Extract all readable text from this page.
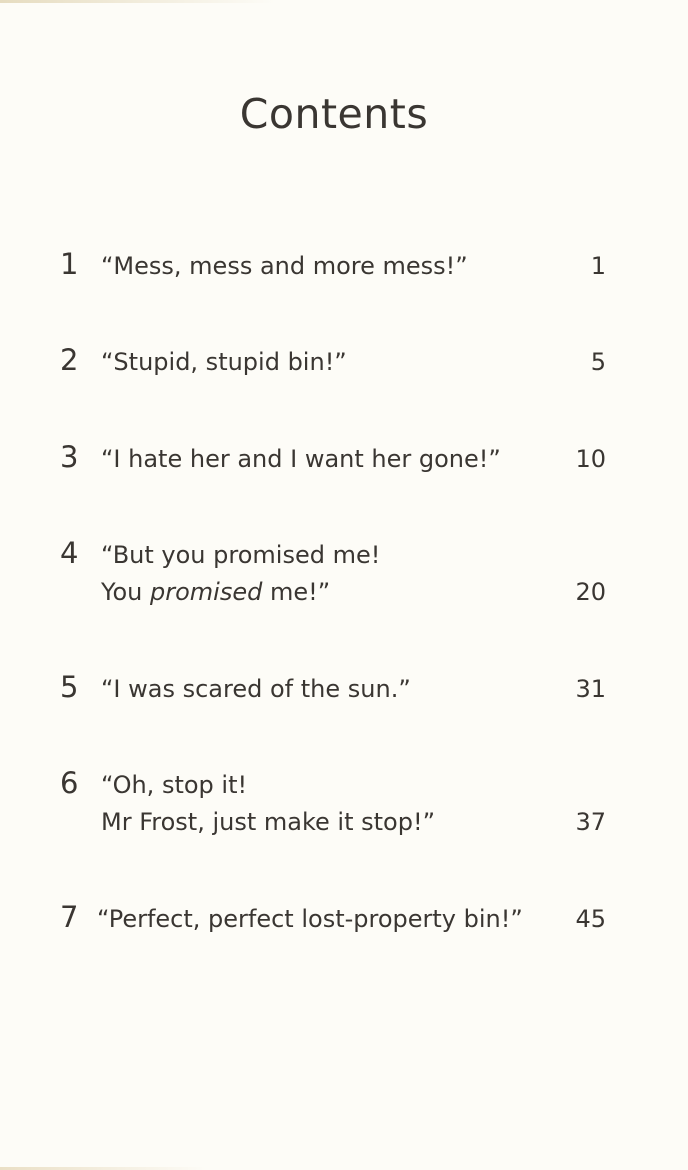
Contents
1 “Mess, mess and more mess!”	1
2 “Stupid, stupid bin!”	5
3 “I hate her and I want her gone!”	10
4 “But you promised me!
You promised me!”	20
5 “I was scared of the sun.”	31
6 “Oh, stop it!
Mr Frost, just make it stop!”	37
7 “Perfect, perfect lost-property bin!” 45
